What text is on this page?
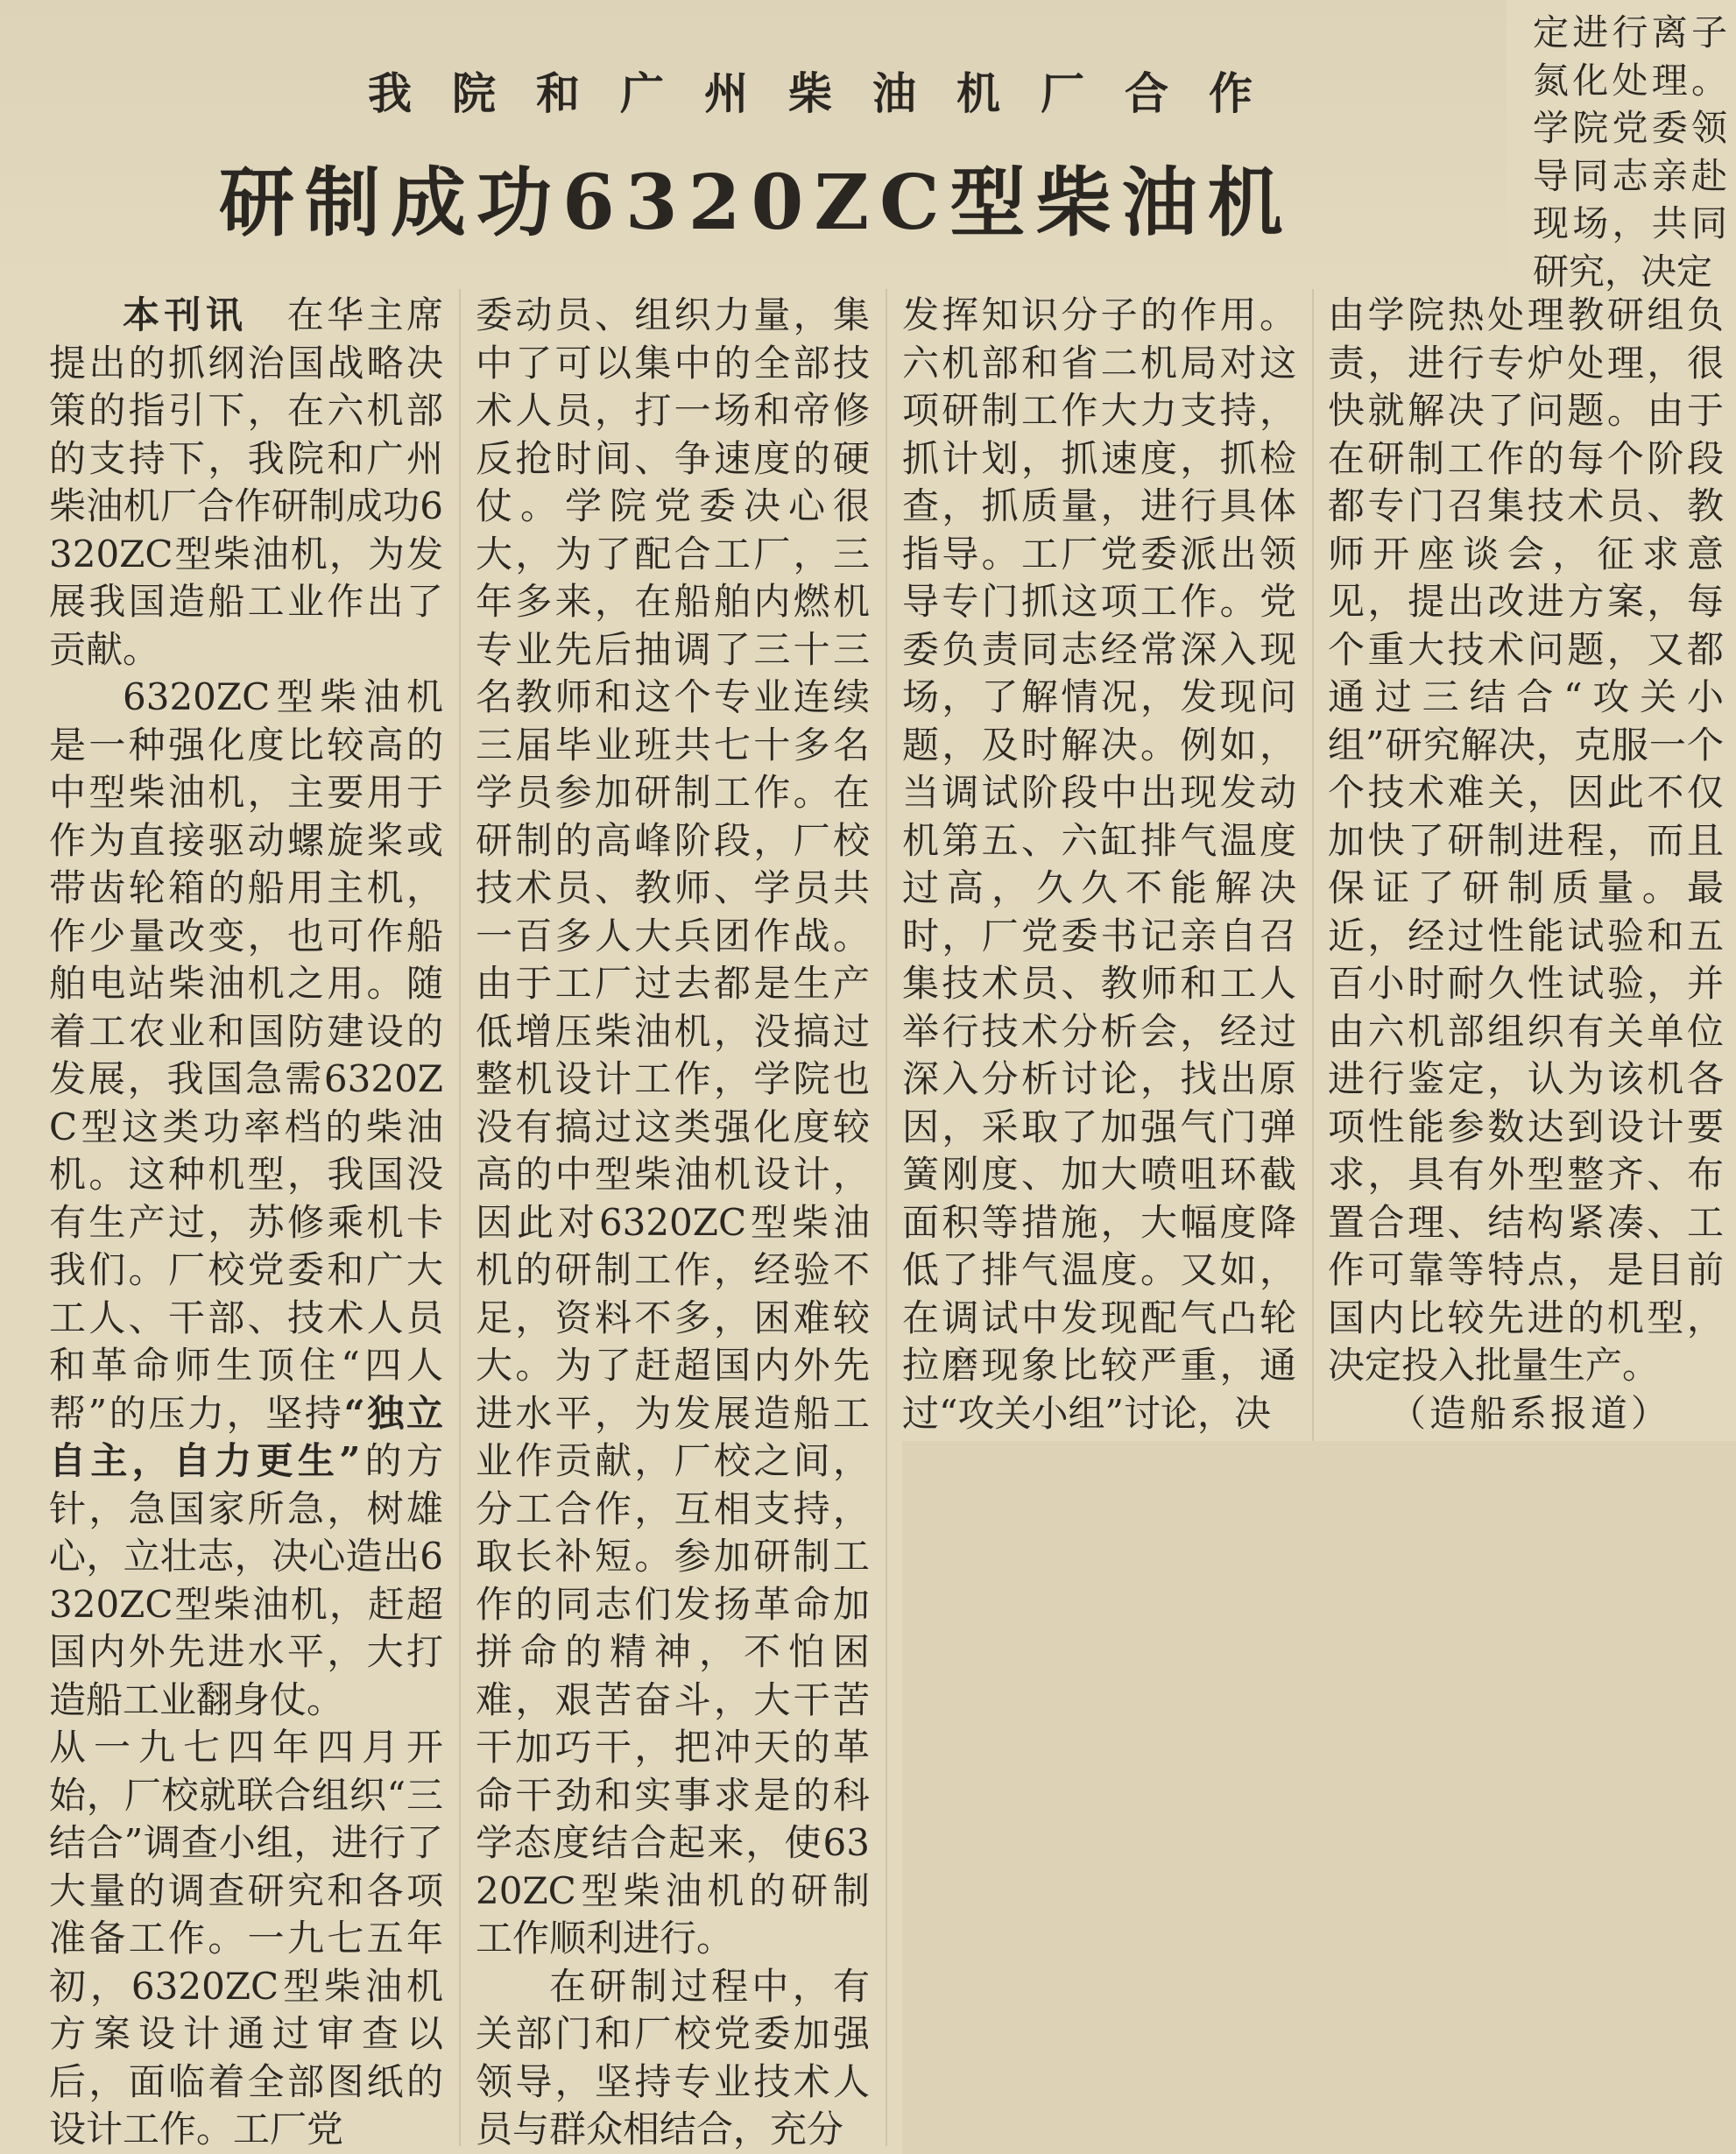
我院和广州柴油机厂合作
研制成功6320ZC型柴油机

定进行离子氮化处理。学院党委领导同志亲赴现场，共同研究，决定

本刊讯　 在华主席提出的抓纲治国战略决策的指引下，在六机部的支持下，我院和广州柴油机厂合作研制成功6320ZC型柴油机，为发展我国造船工业作出了贡献。

6320ZC型柴油机是一种强化度比较高的中型柴油机，主要用于作为直接驱动螺旋桨或带齿轮箱的船用主机，作少量改变，也可作船舶电站柴油机之用。随着工农业和国防建设的发展，我国急需6320ZC型这类功率档的柴油机。这种机型，我国没有生产过，苏修乘机卡我们。厂校党委和广大工人、干部、技术人员和革命师生顶住“四人帮”的压力，坚持“独立自主，自力更生”的方针，急国家所急，树雄心，立壮志，决心造出6320ZC型柴油机，赶超国内外先进水平，大打造船工业翻身仗。

从一九七四年四月开始，厂校就联合组织“三结合”调查小组，进行了大量的调查研究和各项准备工作。一九七五年初，6320ZC型柴油机方案设计通过审查以后，面临着全部图纸的设计工作。工厂党

委动员、组织力量，集中了可以集中的全部技术人员，打一场和帝修反抢时间、争速度的硬仗。学院党委决心很大，为了配合工厂，三年多来，在船舶内燃机专业先后抽调了三十三名教师和这个专业连续三届毕业班共七十多名学员参加研制工作。在研制的高峰阶段，厂校技术员、教师、学员共一百多人大兵团作战。由于工厂过去都是生产低增压柴油机，没搞过整机设计工作，学院也没有搞过这类强化度较高的中型柴油机设计，因此对6320ZC型柴油机的研制工作，经验不足，资料不多，困难较大。为了赶超国内外先进水平，为发展造船工业作贡献，厂校之间，分工合作，互相支持，取长补短。参加研制工作的同志们发扬革命加拼命的精神，不怕困难，艰苦奋斗，大干苦干加巧干，把冲天的革命干劲和实事求是的科学态度结合起来，使6320ZC型柴油机的研制工作顺利进行。

在研制过程中，有关部门和厂校党委加强领导，坚持专业技术人员与群众相结合，充分

发挥知识分子的作用。六机部和省二机局对这项研制工作大力支持，抓计划，抓速度，抓检查，抓质量，进行具体指导。工厂党委派出领导专门抓这项工作。党委负责同志经常深入现场，了解情况，发现问题，及时解决。例如，当调试阶段中出现发动机第五、六缸排气温度过高，久久不能解决时，厂党委书记亲自召集技术员、教师和工人举行技术分析会，经过深入分析讨论，找出原因，采取了加强气门弹簧刚度、加大喷咀环截面积等措施，大幅度降低了排气温度。又如，在调试中发现配气凸轮拉磨现象比较严重，通过“攻关小组”讨论，决

由学院热处理教研组负责，进行专炉处理，很快就解决了问题。由于在研制工作的每个阶段都专门召集技术员、教师开座谈会，征求意见，提出改进方案，每个重大技术问题，又都通过三结合“攻关小组”研究解决，克服一个个技术难关，因此不仅加快了研制进程，而且保证了研制质量。最近，经过性能试验和五百小时耐久性试验，并由六机部组织有关单位进行鉴定，认为该机各项性能参数达到设计要求，具有外型整齐、布置合理、结构紧凑、工作可靠等特点，是目前国内比较先进的机型，决定投入批量生产。

（造船系报道）
